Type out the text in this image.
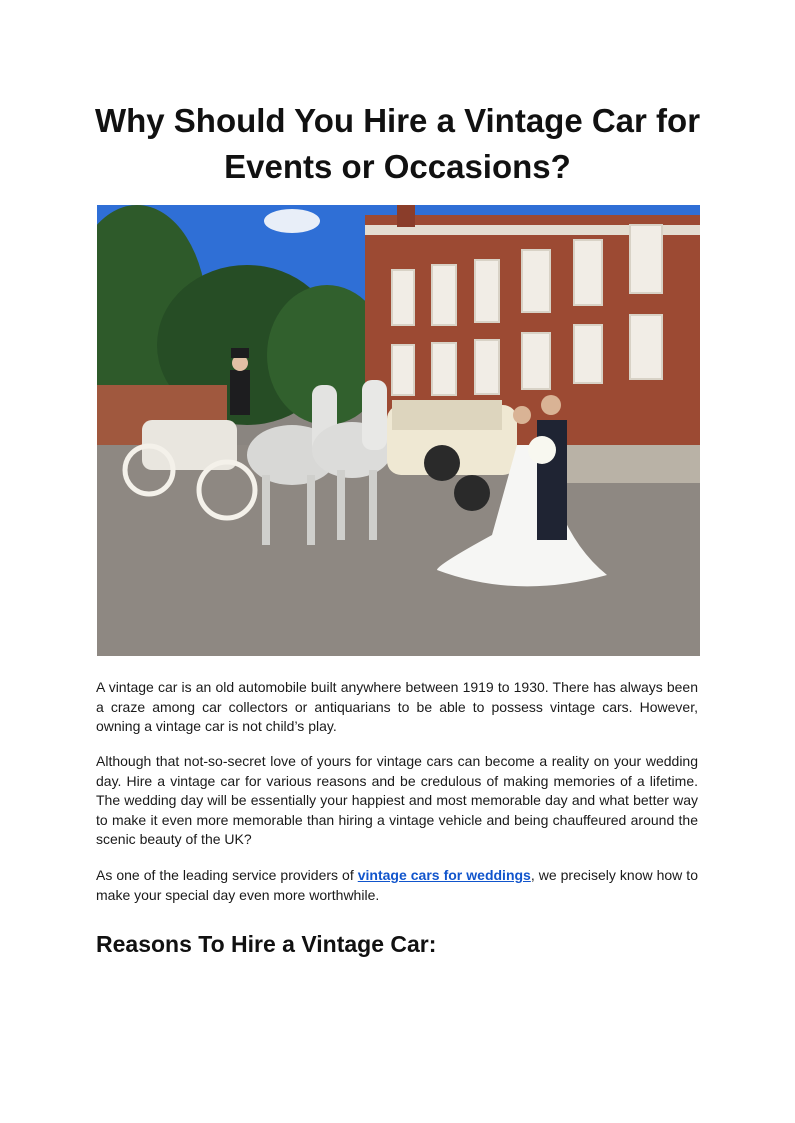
Why Should You Hire a Vintage Car for Events or Occasions?

A vintage car is an old automobile built anywhere between 1919 to 1930. There has always been a craze among car collectors or antiquarians to be able to possess vintage cars. However, owning a vintage car is not child’s play.

Although that not-so-secret love of yours for vintage cars can become a reality on your wedding day. Hire a vintage car for various reasons and be credulous of making memories of a lifetime. The wedding day will be essentially your happiest and most memorable day and what better way to make it even more memorable than hiring a vintage vehicle and being chauffeured around the scenic beauty of the UK?

As one of the leading service providers of vintage cars for weddings, we precisely know how to make your special day even more worthwhile.

Reasons To Hire a Vintage Car:
